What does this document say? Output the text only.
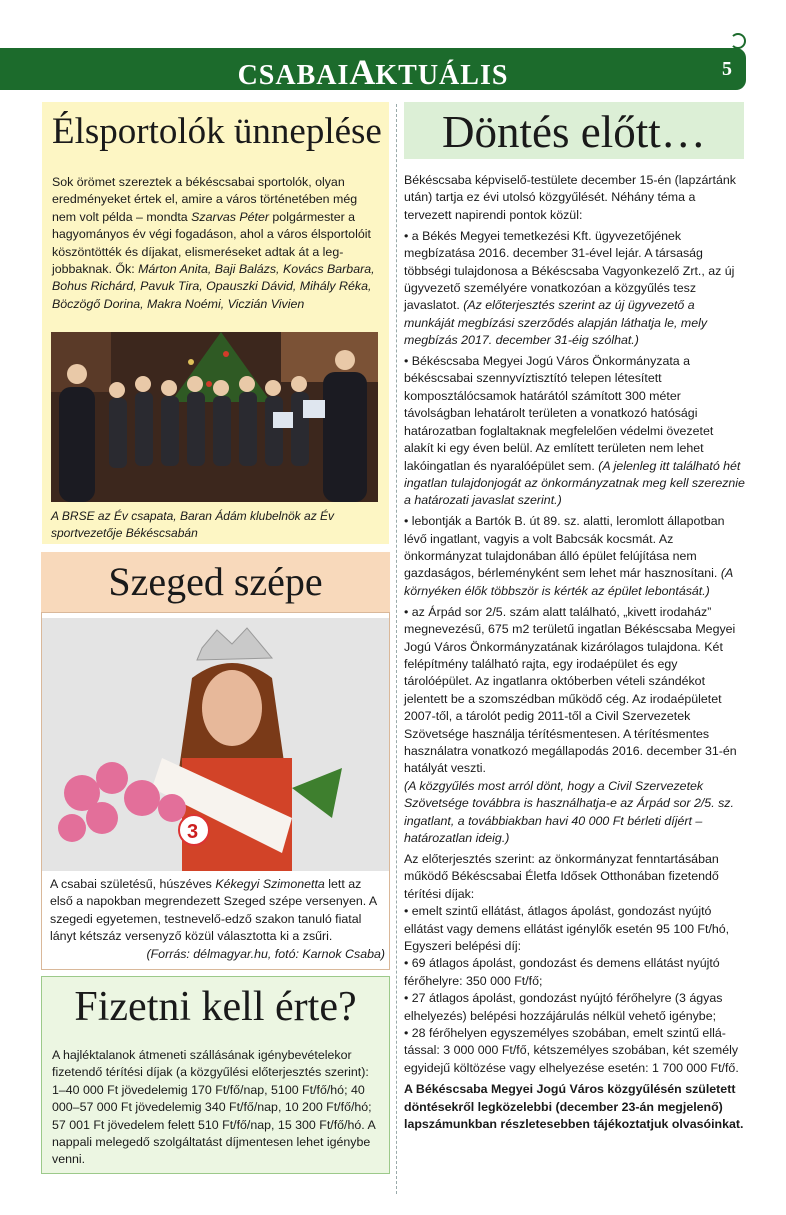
CSABAIAKTUÁLIS	5
Élsportolók ünneplése
Sok örömet szereztek a békéscsabai sportolók, olyan eredményeket értek el, amire a város történetében még nem volt példa – mondta Szarvas Péter polgármester a hagyományos év végi fogadáson, ahol a város élsportolóit köszöntötték és díjakat, elismeréseket adtak át a legjobbaknak. Ők: Márton Anita, Baji Balázs, Kovács Barbara, Bohus Richárd, Pavuk Tira, Opauszki Dávid, Mihály Réka, Böczögő Dorina, Makra Noémi, Viczián Vivien
A BRSE az Év csapata, Baran Ádám klubelnök az Év sportvezetője Békéscsabán
Szeged szépe
3
A csabai születésű, húszéves Kékegyi Szimonetta lett az első a napokban megrendezett Szeged szépe versenyen. A szegedi egyetemen, testnevelő-edző szakon tanuló fiatal lányt kétszáz versenyző közül választotta ki a zsűri.
(Forrás: délmagyar.hu, fotó: Karnok Csaba)
Fizetni kell érte?
A hajléktalanok átmeneti szállásának igénybevételekor fizetendő térítési díjak (a közgyűlési előterjesztés szerint): 1–40 000 Ft jövedelemig 170 Ft/fő/nap, 5100 Ft/fő/hó; 40 000–57 000 Ft jövedelemig 340 Ft/fő/nap, 10 200 Ft/fő/hó; 57 001 Ft jövedelem felett 510 Ft/fő/nap, 15 300 Ft/fő/hó. A nappali melegedő szolgáltatást díjmentesen lehet igénybe venni.
Döntés előtt…

Békéscsaba képviselő-testülete december 15-én (lapzártánk után) tartja ez évi utolsó közgyűlését. Néhány téma a tervezett napirendi pontok közül:

• a Békés Megyei temetkezési Kft. ügyvezetőjének megbízatása 2016. december 31-ével lejár. A társaság többségi tulajdonosa a Békéscsaba Vagyonkezelő Zrt., az új ügyvezető személyére vonatkozóan a közgyűlés tesz javaslatot. (Az előterjesztés szerint az új ügyvezető a munkáját megbízási szerződés alapján láthatja le, mely megbízás 2017. december 31-éig szólhat.)

• Békéscsaba Megyei Jogú Város Önkormányzata a békéscsabai szennyvíztisztító telepen létesített komposztálócsamok határától számított 300 méter távolságban lehatárolt területen a vonatkozó hatósági határozatban foglaltaknak megfelelően védelmi övezetet alakít ki egy éven belül. Az említett területen nem lehet lakóingatlan és nyaralóépület sem. (A jelenleg itt található hét ingatlan tulajdonjogát az önkormányzatnak meg kell szereznie a határozati javaslat szerint.)

• lebontják a Bartók B. út 89. sz. alatti, leromlott állapotban lévő ingatlant, vagyis a volt Babcsák kocsmát. Az önkormányzat tulajdonában álló épület felújítása nem gazdaságos, bérleményként sem lehet már hasznosítani. (A környéken élők többször is kérték az épület lebontását.)

• az Árpád sor 2/5. szám alatt található, „kivett irodaház” megnevezésű, 675 m2 területű ingatlan Békéscsaba Megyei Jogú Város Önkormányzatának kizárólagos tulajdona. Két felépítmény található rajta, egy irodaépület és egy tárolóépület. Az ingatlanra októberben vételi szándékot jelentett be a szomszédban működő cég. Az irodaépületet 2007-től, a tárolót pedig 2011-től a Civil Szervezetek Szövetsége használja térítésmentesen. A térítésmentes használatra vonatkozó megállapodás 2016. december 31-én hatályát veszti.
(A közgyűlés most arról dönt, hogy a Civil Szervezetek Szövetsége továbbra is használhatja-e az Árpád sor 2/5. sz. ingatlant, a továbbiakban havi 40 000 Ft bérleti díjért – határozatlan ideig.)

Az előterjesztés szerint: az önkormányzat fenntartásában működő Békéscsabai Életfa Idősek Otthonában fizetendő térítési díjak:

• emelt szintű ellátást, átlagos ápolást, gondozást nyújtó ellátást vagy demens ellátást igénylők esetén 95 100 Ft/hó,
Egyszeri belépési díj:
• 69 átlagos ápolást, gondozást és demens ellátást nyújtó férőhelyre: 350 000 Ft/fő;
• 27 átlagos ápolást, gondozást nyújtó férőhelyre (3 ágyas elhelyezés) belépési hozzájárulás nélkül vehető igénybe;
• 28 férőhelyen egyszemélyes szobában, emelt szintű ellátással: 3 000 000 Ft/fő, kétszemélyes szobában, két személy egyidejű költözése vagy elhelyezése esetén: 1 700 000 Ft/fő.

A Békéscsaba Megyei Jogú Város közgyűlésén született döntésekről legközelebbi (december 23-án megjelenő) lapszámunkban részletesebben tájékoztatjuk olvasóinkat.
